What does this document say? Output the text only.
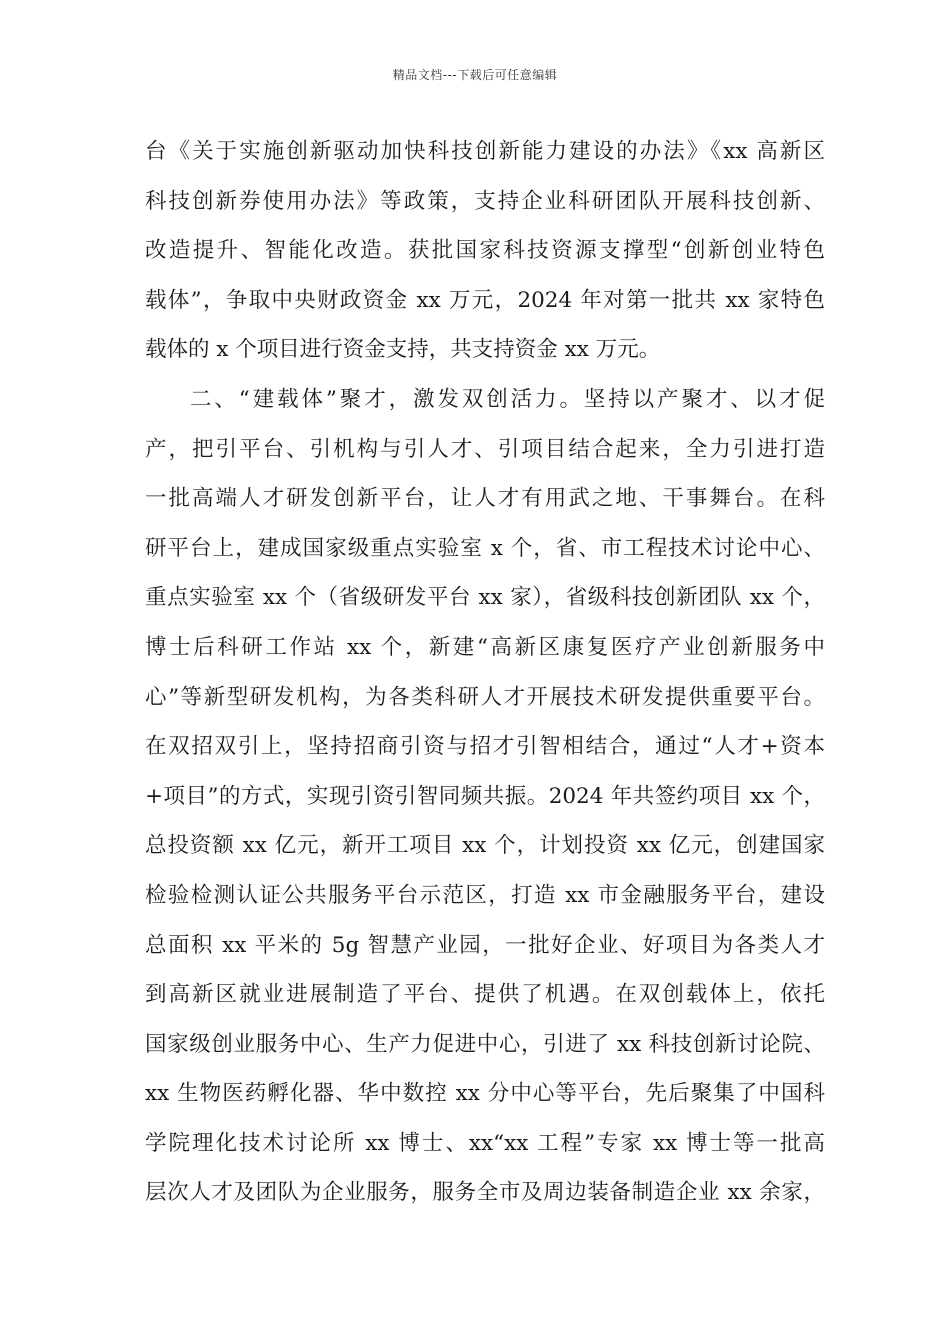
精品文档---下载后可任意编辑
台《关于实施创新驱动加快科技创新能力建设的办法》《xx 高新区
科技创新券使用办法》等政策，支持企业科研团队开展科技创新、
改造提升、智能化改造。获批国家科技资源支撑型“创新创业特色
载体”，争取中央财政资金 xx 万元，2024 年对第一批共 xx 家特色
载体的 x 个项目进行资金支持，共支持资金 xx 万元。
二、“建载体”聚才，激发双创活力。坚持以产聚才、以才促
产，把引平台、引机构与引人才、引项目结合起来，全力引进打造
一批高端人才研发创新平台，让人才有用武之地、干事舞台。在科
研平台上，建成国家级重点实验室 x 个，省、市工程技术讨论中心、
重点实验室 xx 个（省级研发平台 xx 家），省级科技创新团队 xx 个，
博士后科研工作站 xx 个，新建“高新区康复医疗产业创新服务中
心”等新型研发机构，为各类科研人才开展技术研发提供重要平台。
在双招双引上，坚持招商引资与招才引智相结合，通过“人才+资本
+项目”的方式，实现引资引智同频共振。2024 年共签约项目 xx 个，
总投资额 xx 亿元，新开工项目 xx 个，计划投资 xx 亿元，创建国家
检验检测认证公共服务平台示范区，打造 xx 市金融服务平台，建设
总面积 xx 平米的 5g 智慧产业园，一批好企业、好项目为各类人才
到高新区就业进展制造了平台、提供了机遇。在双创载体上，依托
国家级创业服务中心、生产力促进中心，引进了 xx 科技创新讨论院、
xx 生物医药孵化器、华中数控 xx 分中心等平台，先后聚集了中国科
学院理化技术讨论所 xx 博士、xx“xx 工程”专家 xx 博士等一批高
层次人才及团队为企业服务，服务全市及周边装备制造企业 xx 余家，
